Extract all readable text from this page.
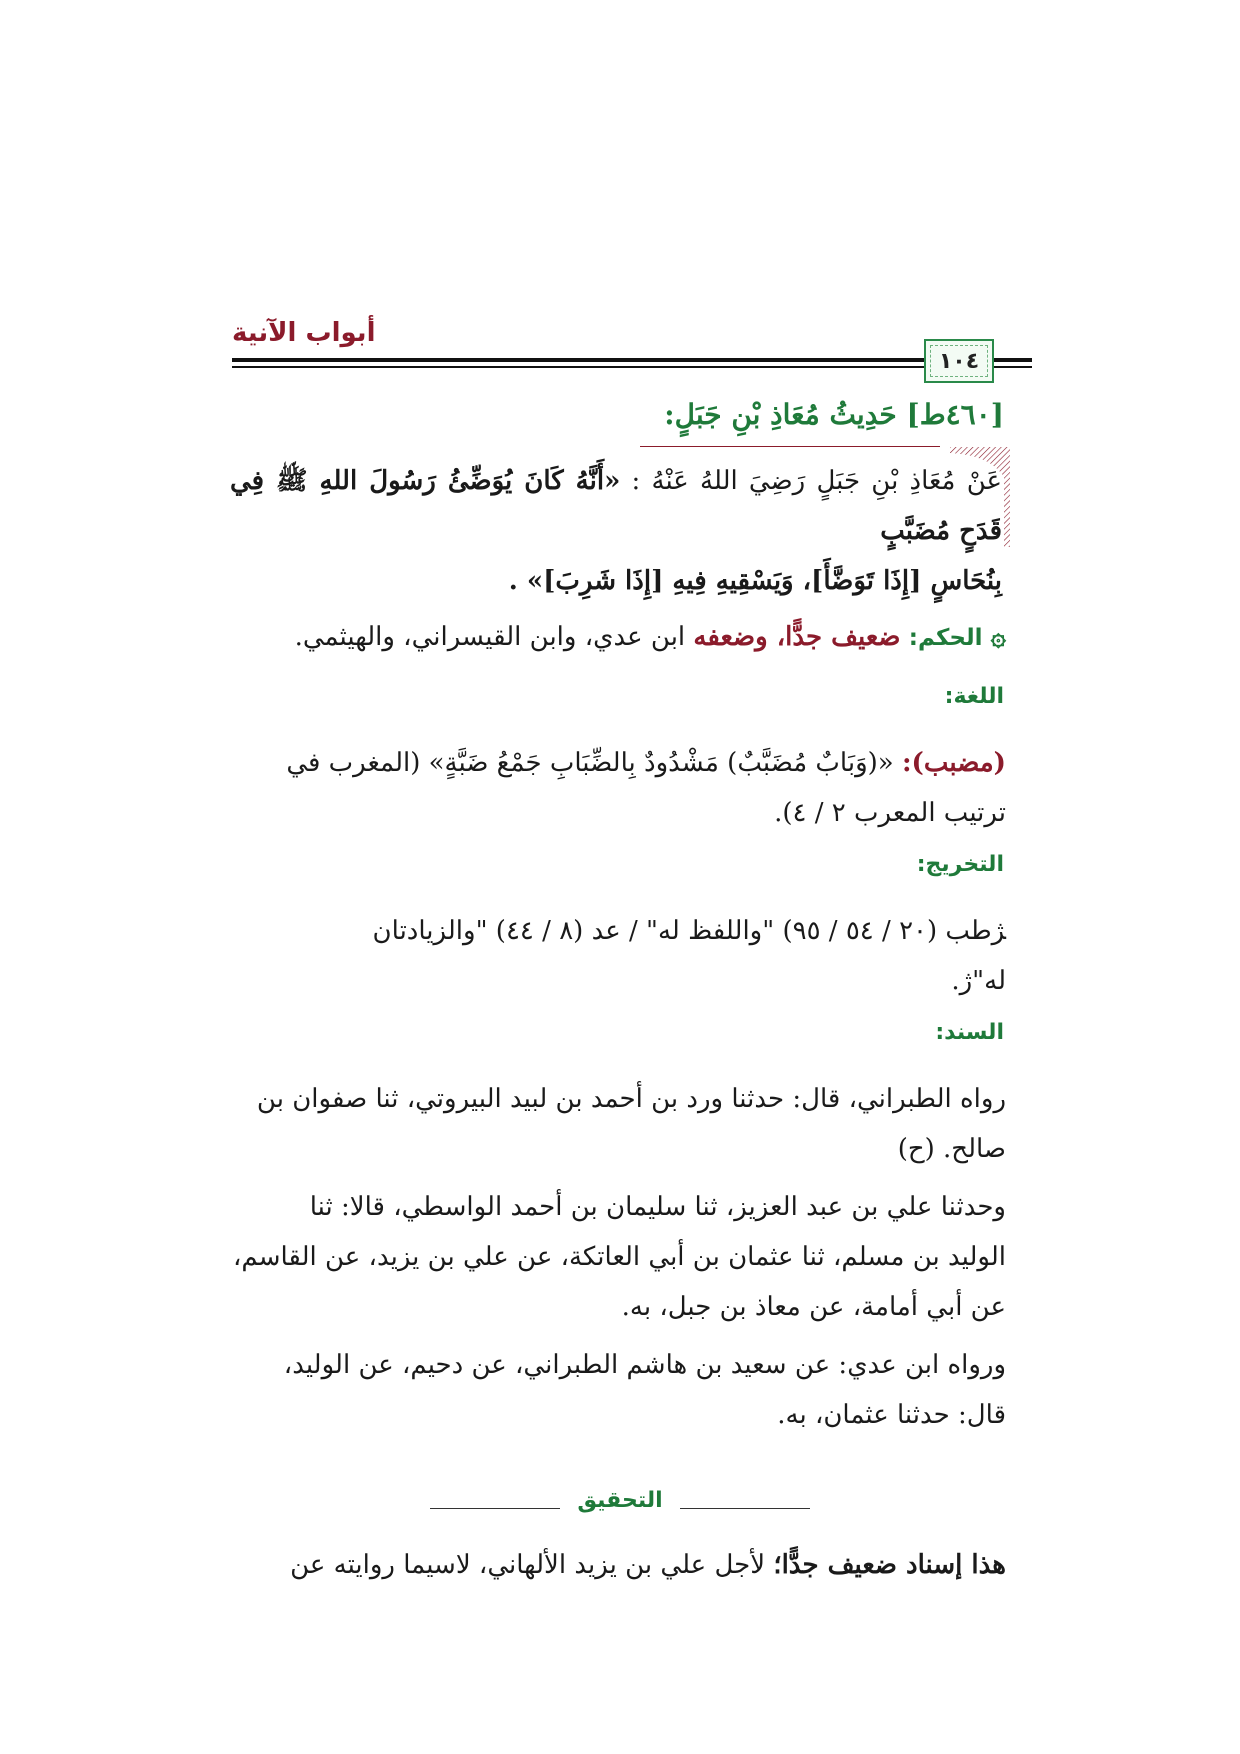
أبواب الآنية
١٠٤
[٤٦٠ط] حَدِيثُ مُعَاذِ بْنِ جَبَلٍ:
عَنْ مُعَاذِ بْنِ جَبَلٍ رَضِيَ اللهُ عَنْهُ : «أَنَّهُ كَانَ يُوَضِّئُ رَسُولَ اللهِ ﷺ فِي قَدَحٍ مُضَبَّبٍ
بِنُحَاسٍ [إِذَا تَوَضَّأَ]، وَيَسْقِيهِ فِيهِ [إِذَا شَرِبَ]» .
۞ الحكم: ضعيف جدًّا، وضعفه ابن عدي، وابن القيسراني، والهيثمي.
اللغة:
(مضبب): «(وَبَابٌ مُضَبَّبٌ) مَشْدُودٌ بِالضِّبَابِ جَمْعُ ضَبَّةٍ» (المغرب في
ترتيب المعرب ٢ / ٤).
التخريج:
ﮋطب (٢٠ / ٥٤ / ٩٥) "واللفظ له" / عد (٨ / ٤٤) "والزيادتان
له"ﮊ.
السند:
رواه الطبراني، قال: حدثنا ورد بن أحمد بن لبيد البيروتي، ثنا صفوان بن
صالح. (ح)
وحدثنا علي بن عبد العزيز، ثنا سليمان بن أحمد الواسطي، قالا: ثنا
الوليد بن مسلم، ثنا عثمان بن أبي العاتكة، عن علي بن يزيد، عن القاسم،
عن أبي أمامة، عن معاذ بن جبل، به.
ورواه ابن عدي: عن سعيد بن هاشم الطبراني، عن دحيم، عن الوليد،
قال: حدثنا عثمان، به.
التحقيق
هذا إسناد ضعيف جدًّا؛ لأجل علي بن يزيد الألهاني، لاسيما روايته عن
